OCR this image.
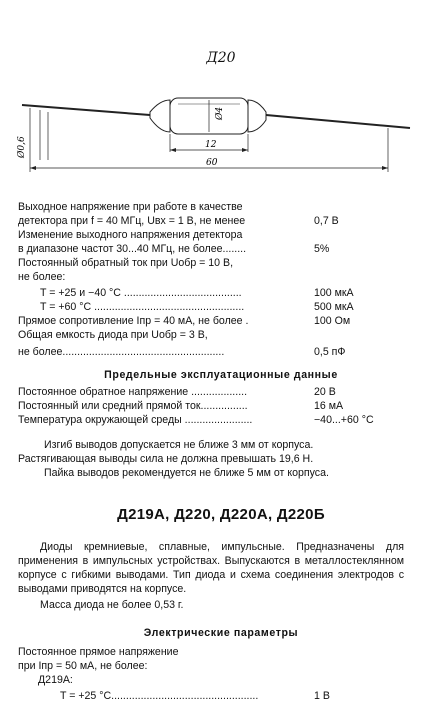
Д20
Ø4
Ø0,6	12
60
Выходное напряжение при работе в качестве
детектора при f = 40 МГц, Uвх = 1 В, не менее	0,7 В
Изменение выходного напряжения детектора
в диапазоне частот 30...40 МГц, не более........	5%
Постоянный обратный ток при Uобр = 10 В,
не более:
T = +25 и −40 °С ........................................	100 мкА
T = +60 °С ...................................................	500 мкА
Прямое сопротивление Iпр = 40 мА, не более .	100 Ом
Общая емкость диода при Uобр = 3 В,
не более.......................................................	0,5 пФ
Предельные эксплуатационные данные
Постоянное обратное напряжение ...................	20 В
Постоянный или средний прямой ток................	16 мА
Температура окружающей среды .......................	−40...+60 °С
Изгиб выводов допускается не ближе 3 мм от корпуса.
Растягивающая выводы сила не должна превышать 19,6 Н.
Пайка выводов рекомендуется не ближе 5 мм от корпуса.
Д219А, Д220, Д220А, Д220Б
Диоды кремниевые, сплавные, импульсные. Предназначены для применения в импульсных устройствах. Выпускаются в металлостеклянном корпусе с гибкими выводами. Тип диода и схема соединения электродов с выводами приводятся на корпусе.
Масса диода не более 0,53 г.
Электрические параметры
Постоянное прямое напряжение
при Iпр = 50 мА, не более:
Д219А:
T = +25 °С..................................................	1 В
